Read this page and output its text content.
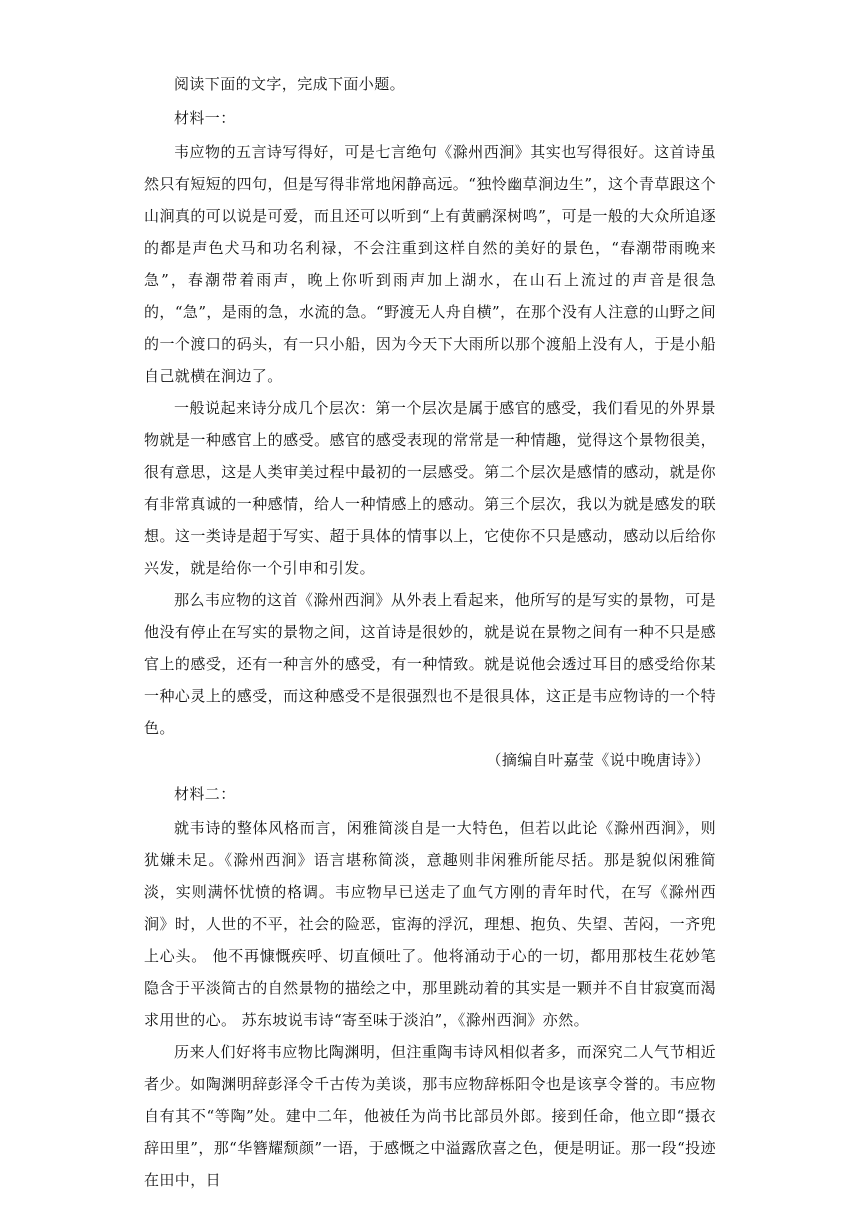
阅读下面的文字，完成下面小题。

材料一：

韦应物的五言诗写得好，可是七言绝句《滁州西涧》其实也写得很好。这首诗虽然只有短短的四句，但是写得非常地闲静高远。“独怜幽草涧边生”，这个青草跟这个山涧真的可以说是可爱，而且还可以听到“上有黄鹂深树鸣”，可是一般的大众所追逐的都是声色犬马和功名利禄，不会注重到这样自然的美好的景色，“春潮带雨晚来急”，春潮带着雨声，晚上你听到雨声加上湖水，在山石上流过的声音是很急的，“急”，是雨的急，水流的急。“野渡无人舟自横”，在那个没有人注意的山野之间的一个渡口的码头，有一只小船，因为今天下大雨所以那个渡船上没有人，于是小船自己就横在涧边了。

一般说起来诗分成几个层次：第一个层次是属于感官的感受，我们看见的外界景物就是一种感官上的感受。感官的感受表现的常常是一种情趣，觉得这个景物很美，很有意思，这是人类审美过程中最初的一层感受。第二个层次是感情的感动，就是你有非常真诚的一种感情，给人一种情感上的感动。第三个层次，我以为就是感发的联想。这一类诗是超于写实、超于具体的情事以上，它使你不只是感动，感动以后给你兴发，就是给你一个引申和引发。

那么韦应物的这首《滁州西涧》从外表上看起来，他所写的是写实的景物，可是他没有停止在写实的景物之间，这首诗是很妙的，就是说在景物之间有一种不只是感官上的感受，还有一种言外的感受，有一种情致。就是说他会透过耳目的感受给你某一种心灵上的感受，而这种感受不是很强烈也不是很具体，这正是韦应物诗的一个特色。

（摘编自叶嘉莹《说中晚唐诗》）

材料二：

就韦诗的整体风格而言，闲雅简淡自是一大特色，但若以此论《滁州西涧》，则犹嫌未足。《滁州西涧》语言堪称简淡，意趣则非闲雅所能尽括。那是貌似闲雅简淡，实则满怀忧愤的格调。韦应物早已送走了血气方刚的青年时代，在写《滁州西涧》时，人世的不平，社会的险恶，宦海的浮沉，理想、抱负、失望、苦闷，一齐兜上心头。 他不再慷慨疾呼、切直倾吐了。他将涌动于心的一切，都用那枝生花妙笔隐含于平淡简古的自然景物的描绘之中，那里跳动着的其实是一颗并不自甘寂寞而渴求用世的心。 苏东坡说韦诗“寄至味于淡泊”，《滁州西涧》亦然。

历来人们好将韦应物比陶渊明，但注重陶韦诗风相似者多，而深究二人气节相近者少。如陶渊明辞彭泽令千古传为美谈，那韦应物辞栎阳令也是该享令誉的。韦应物自有其不“等陶”处。建中二年，他被任为尚书比部员外郎。接到任命，他立即“摄衣辞田里”，那“华簪耀颓颜”一语，于感慨之中溢露欣喜之色，便是明证。那一段“投迹在田中，日
